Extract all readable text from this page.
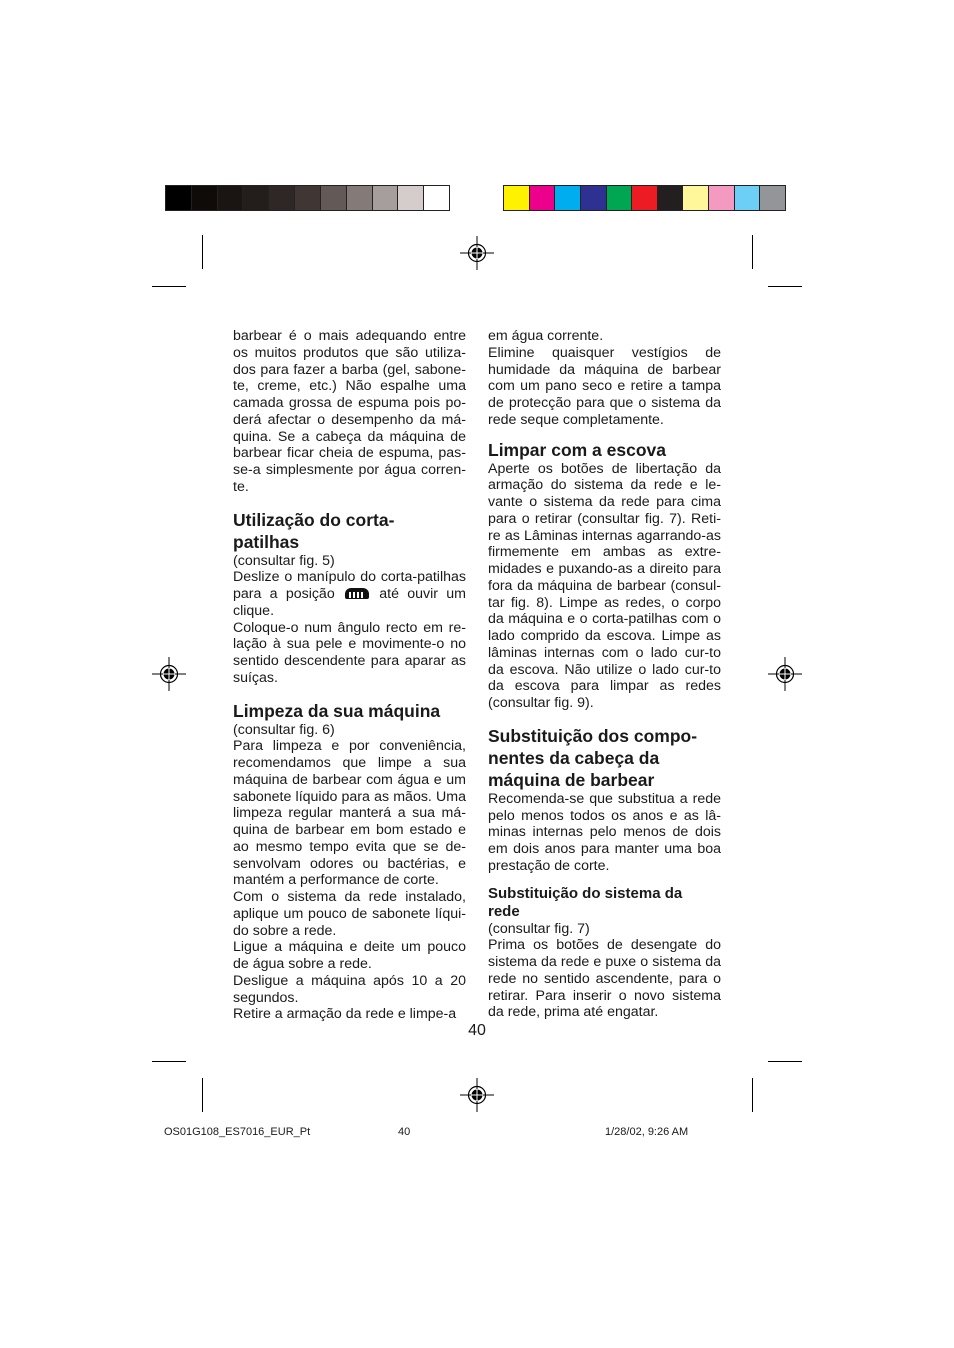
barbear é o mais adequando entre os muitos produtos que são utiliza-dos para fazer a barba (gel, sabone-te, creme, etc.) Não espalhe uma camada grossa de espuma pois po-derá afectar o desempenho da má-quina. Se a cabeça da máquina de barbear ficar cheia de espuma, pas-se-a simplesmente por água corren-te.

Utilização do corta-
patilhas

(consultar fig. 5)

Deslize o manípulo do corta-patilhas para a posição	até ouvir um clique.

Coloque-o num ângulo recto em re-lação à sua pele e movimente-o no sentido descendente para aparar as suíças.

Limpeza da sua máquina

(consultar fig. 6)

Para limpeza e por conveniência, recomendamos que limpe a sua máquina de barbear com água e um sabonete líquido para as mãos. Uma limpeza regular manterá a sua má-quina de barbear em bom estado e ao mesmo tempo evita que se de-senvolvam odores ou bactérias, e mantém a performance de corte.

Com o sistema da rede instalado, aplique um pouco de sabonete líqui-do sobre a rede.

Ligue a máquina e deite um pouco de água sobre a rede.

Desligue a máquina após 10 a 20 segundos.

Retire a armação da rede e limpe-a

em água corrente.

Elimine quaisquer vestígios de humidade da máquina de barbear com um pano seco e retire a tampa de protecção para que o sistema da rede seque completamente.

Limpar com a escova

Aperte os botões de libertação da armação do sistema da rede e le-vante o sistema da rede para cima para o retirar (consultar fig. 7). Reti-re as Lâminas internas agarrando-as firmemente em ambas as extre-midades e puxando-as a direito para fora da máquina de barbear (consul-tar fig. 8). Limpe as redes, o corpo da máquina e o corta-patilhas com o lado comprido da escova. Limpe as lâminas internas com o lado cur-to da escova. Não utilize o lado cur-to da escova para limpar as redes (consultar fig. 9).

Substituição dos compo-
nentes da cabeça da
máquina de barbear

Recomenda-se que substitua a rede pelo menos todos os anos e as lâ-minas internas pelo menos de dois em dois anos para manter uma boa prestação de corte.

Substituição do sistema da
rede

(consultar fig. 7)

Prima os botões de desengate do sistema da rede e puxe o sistema da rede no sentido ascendente, para o retirar. Para inserir o novo sistema da rede, prima até engatar.

40
OS01G108_ES7016_EUR_Pt	40	1/28/02, 9:26 AM
